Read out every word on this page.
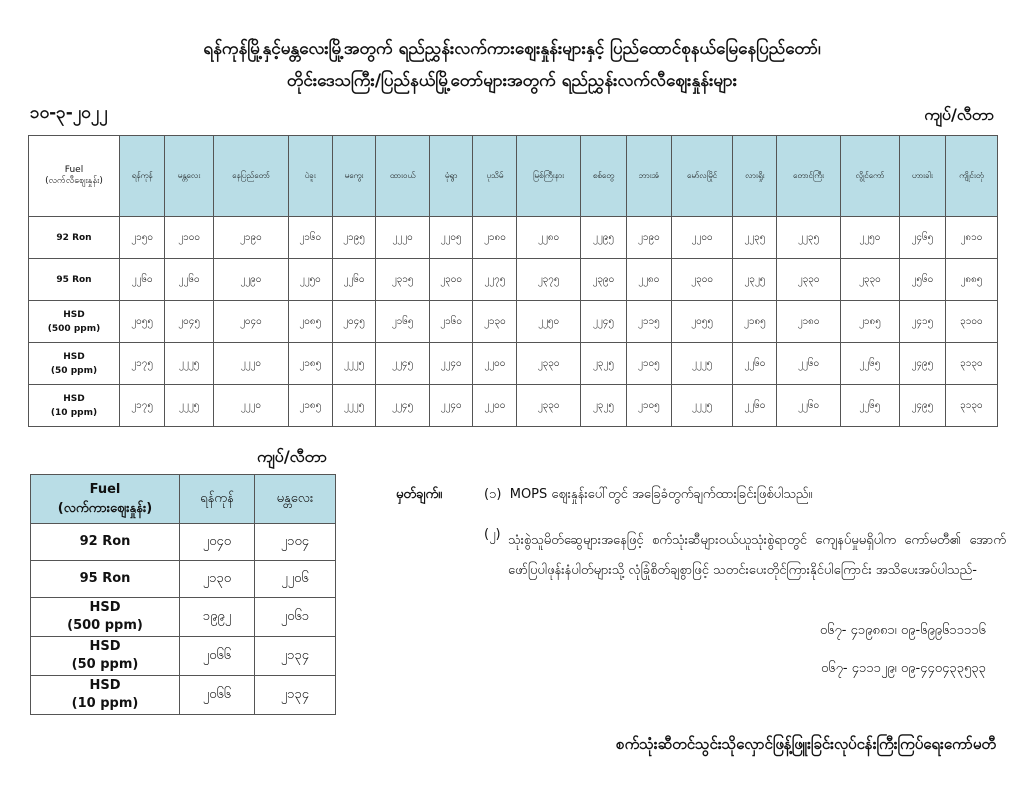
ရန်ကုန်မြို့နှင့်မန္တလေးမြို့အတွက် ရည်ညွှန်းလက်ကားဈေးနှုန်းများနှင့် ပြည်ထောင်စုနယ်မြေနေပြည်တော်၊
တိုင်းဒေသကြီး/ပြည်နယ်မြို့တော်များအတွက် ရည်ညွှန်းလက်လီဈေးနှုန်းများ
၁၀-၃-၂၀၂၂	ကျပ်/လီတာ
Fuel
(လက်လီဈေးနှုန်း)	ရန်ကုန်	မန္တလေး	နေပြည်တော်	ပဲခူး	မကွေး	ထားဝယ်	မုံရွာ	ပုသိမ်	မြစ်ကြီးနား	စစ်တွေ	ဘားအံ	မော်လမြိုင်	လားရှိုး	တောင်ကြီး	လွိုင်ကော်	ဟားခါး	ကျိုင်းတုံ

92 Ron	၂၁၅၀	၂၁၀၀	၂၁၉၀	၂၁၆၀	၂၁၉၅	၂၂၂၀	၂၂၀၅	၂၁၈၀	၂၂၈၀	၂၂၉၅	၂၁၉၀	၂၂၀၀	၂၂၃၅	၂၂၃၅	၂၂၅၀	၂၄၆၅	၂၈၁၀

95 Ron	၂၂၆၀	၂၂၆၀	၂၂၉၀	၂၂၅၀	၂၂၆၀	၂၃၁၅	၂၃၀၀	၂၂၇၅	၂၃၇၅	၂၃၉၀	၂၂၈၀	၂၃၀၀	၂၃၂၅	၂၃၃၀	၂၃၃၀	၂၅၆၀	၂၈၈၅

HSD
(500 ppm)	၂၀၅၅	၂၀၄၅	၂၀၄၀	၂၀၈၅	၂၀၄၅	၂၁၆၅	၂၁၆၀	၂၁၃၀	၂၂၅၀	၂၂၄၅	၂၁၁၅	၂၀၅၅	၂၁၈၅	၂၁၈၀	၂၁၈၅	၂၄၁၅	၃၁၀၀

HSD
(50 ppm)	၂၁၇၅	၂၂၂၅	၂၂၂၀	၂၁၈၅	၂၂၂၅	၂၂၄၅	၂၂၄၀	၂၂၀၀	၂၃၃၀	၂၃၂၅	၂၁၀၅	၂၂၂၅	၂၂၆၀	၂၂၆၀	၂၂၆၅	၂၄၉၅	၃၁၃၀

HSD
(10 ppm)	၂၁၇၅	၂၂၂၅	၂၂၂၀	၂၁၈၅	၂၂၂၅	၂၂၄၅	၂၂၄၀	၂၂၀၀	၂၃၃၀	၂၃၂၅	၂၁၀၅	၂၂၂၅	၂၂၆၀	၂၂၆၀	၂၂၆၅	၂၄၉၅	၃၁၃၀
ကျပ်/လီတာ
Fuel
(လက်ကားဈေးနှုန်း)	ရန်ကုန်	မန္တလေး

92 Ron	၂၀၄၀	၂၁၀၄

95 Ron	၂၁၃၀	၂၂၀၆

HSD
(500 ppm)	၁၉၉၂	၂၀၆၁

HSD
(50 ppm)	၂၀၆၆	၂၁၃၄

HSD
(10 ppm)	၂၀၆၆	၂၁၃၄
မှတ်ချက်။	(၁) MOPS ဈေးနှုန်းပေါ်တွင် အခြေခံတွက်ချက်ထားခြင်းဖြစ်ပါသည်။
(၂) သုံးစွဲသူမိတ်ဆွေများအနေဖြင့် စက်သုံးဆီများဝယ်ယူသုံးစွဲရာတွင် ကျေနပ်မှုမရှိပါက ကော်မတီ၏ အောက်ဖော်ပြပါဖုန်းနံပါတ်များသို့ လုံခြုံစိတ်ချစွာဖြင့် သတင်းပေးတိုင်ကြားနိုင်ပါကြောင်း အသိပေးအပ်ပါသည်-
၀၆၇- ၄၁၉၈၈၁၊ ၀၉-၆၉၉၆၁၁၁၁၆
၀၆၇- ၄၁၁၁၂၉၊ ၀၉-၄၄၀၄၃၃၅၃၃
စက်သုံးဆီတင်သွင်းသိုလှောင်ဖြန့်ဖြူးခြင်းလုပ်ငန်းကြီးကြပ်ရေးကော်မတီ
